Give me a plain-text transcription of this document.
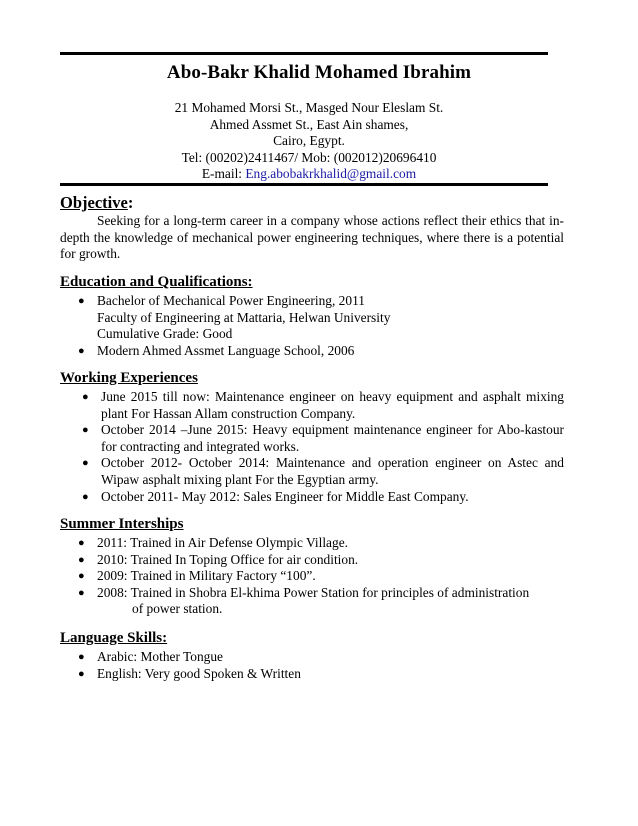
Abo-Bakr Khalid Mohamed Ibrahim
21 Mohamed Morsi St., Masged Nour Eleslam St.
Ahmed Assmet St., East Ain shames,
Cairo, Egypt.
Tel: (00202)2411467/ Mob: (002012)20696410
E-mail: Eng.abobakrkhalid@gmail.com
Objective:
Seeking for a long-term career in a company whose actions reflect their ethics that in-depth the knowledge of mechanical power engineering techniques, where there is a potential for growth.
Education and Qualifications:
● Bachelor of Mechanical Power Engineering, 2011
Faculty of Engineering at Mattaria, Helwan University
Cumulative Grade: Good
● Modern Ahmed Assmet Language School, 2006
Working Experiences
● June 2015 till now: Maintenance engineer on heavy equipment and asphalt mixing plant For Hassan Allam construction Company.
● October 2014 –June 2015: Heavy equipment maintenance engineer for Abo-kastour for contracting and integrated works.
● October 2012- October 2014: Maintenance and operation engineer on Astec and Wipaw asphalt mixing plant For the Egyptian army.
● October 2011- May 2012: Sales Engineer for Middle East Company.
Summer Interships
● 2011: Trained in Air Defense Olympic Village.
● 2010: Trained In Toping Office for air condition.
● 2009: Trained in Military Factory “100”.
● 2008: Trained in Shobra El-khima Power Station for principles of administration
of power station.
Language Skills:
● Arabic: Mother Tongue
● English: Very good Spoken & Written
